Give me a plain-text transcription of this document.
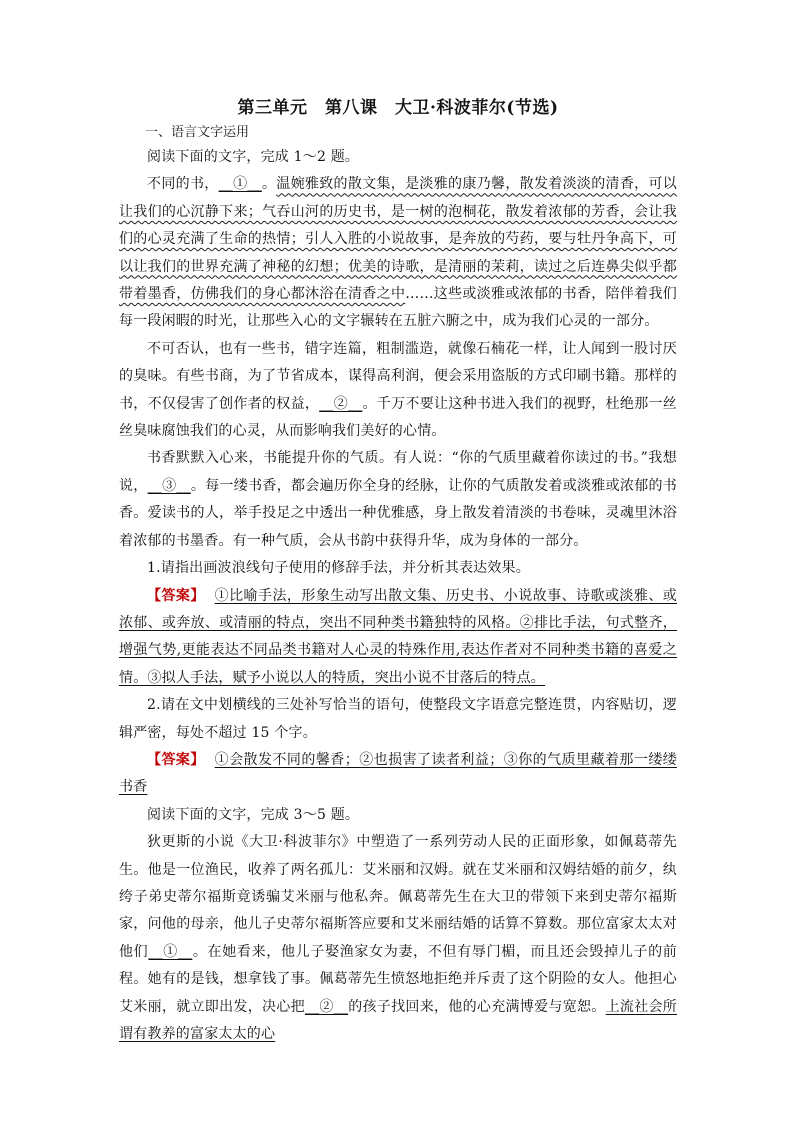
第三单元　第八课　大卫·科波菲尔(节选)
一、语言文字运用

阅读下面的文字，完成 1～2 题。

不同的书，__①__。温婉雅致的散文集，是淡雅的康乃馨，散发着淡淡的清香，可以让我们的心沉静下来；气吞山河的历史书，是一树的泡桐花，散发着浓郁的芳香，会让我们的心灵充满了生命的热情；引人入胜的小说故事，是奔放的芍药，要与牡丹争高下，可以让我们的世界充满了神秘的幻想；优美的诗歌，是清丽的茉莉，读过之后连鼻尖似乎都带着墨香，仿佛我们的身心都沐浴在清香之中……这些或淡雅或浓郁的书香，陪伴着我们每一段闲暇的时光，让那些入心的文字辗转在五脏六腑之中，成为我们心灵的一部分。

不可否认，也有一些书，错字连篇，粗制滥造，就像石楠花一样，让人闻到一股讨厌的臭味。有些书商，为了节省成本，谋得高利润，便会采用盗版的方式印刷书籍。那样的书，不仅侵害了创作者的权益，__②__。千万不要让这种书进入我们的视野，杜绝那一丝丝臭味腐蚀我们的心灵，从而影响我们美好的心情。

书香默默入心来，书能提升你的气质。有人说：“你的气质里藏着你读过的书。”我想说，__③__。每一缕书香，都会遍历你全身的经脉，让你的气质散发着或淡雅或浓郁的书香。爱读书的人，举手投足之中透出一种优雅感，身上散发着清淡的书卷味，灵魂里沐浴着浓郁的书墨香。有一种气质，会从书韵中获得升华，成为身体的一部分。

1.请指出画波浪线句子使用的修辞手法，并分析其表达效果。

【答案】 ①比喻手法，形象生动写出散文集、历史书、小说故事、诗歌或淡雅、或浓郁、或奔放、或清丽的特点，突出不同种类书籍独特的风格。②排比手法，句式整齐，增强气势,更能表达不同品类书籍对人心灵的特殊作用,表达作者对不同种类书籍的喜爱之情。③拟人手法，赋予小说以人的特质，突出小说不甘落后的特点。

2.请在文中划横线的三处补写恰当的语句，使整段文字语意完整连贯，内容贴切，逻辑严密，每处不超过 15 个字。

【答案】 ①会散发不同的馨香；②也损害了读者利益；③你的气质里藏着那一缕缕书香

阅读下面的文字，完成 3～5 题。

狄更斯的小说《大卫·科波菲尔》中塑造了一系列劳动人民的正面形象，如佩葛蒂先生。他是一位渔民，收养了两名孤儿：艾米丽和汉姆。就在艾米丽和汉姆结婚的前夕，纨绔子弟史蒂尔福斯竟诱骗艾米丽与他私奔。佩葛蒂先生在大卫的带领下来到史蒂尔福斯家，问他的母亲，他儿子史蒂尔福斯答应要和艾米丽结婚的话算不算数。那位富家太太对他们__①__。在她看来，他儿子娶渔家女为妻，不但有辱门楣，而且还会毁掉儿子的前程。她有的是钱，想拿钱了事。佩葛蒂先生愤怒地拒绝并斥责了这个阴险的女人。他担心艾米丽，就立即出发，决心把__②__的孩子找回来，他的心充满博爱与宽恕。上流社会所谓有教养的富家太太的心
